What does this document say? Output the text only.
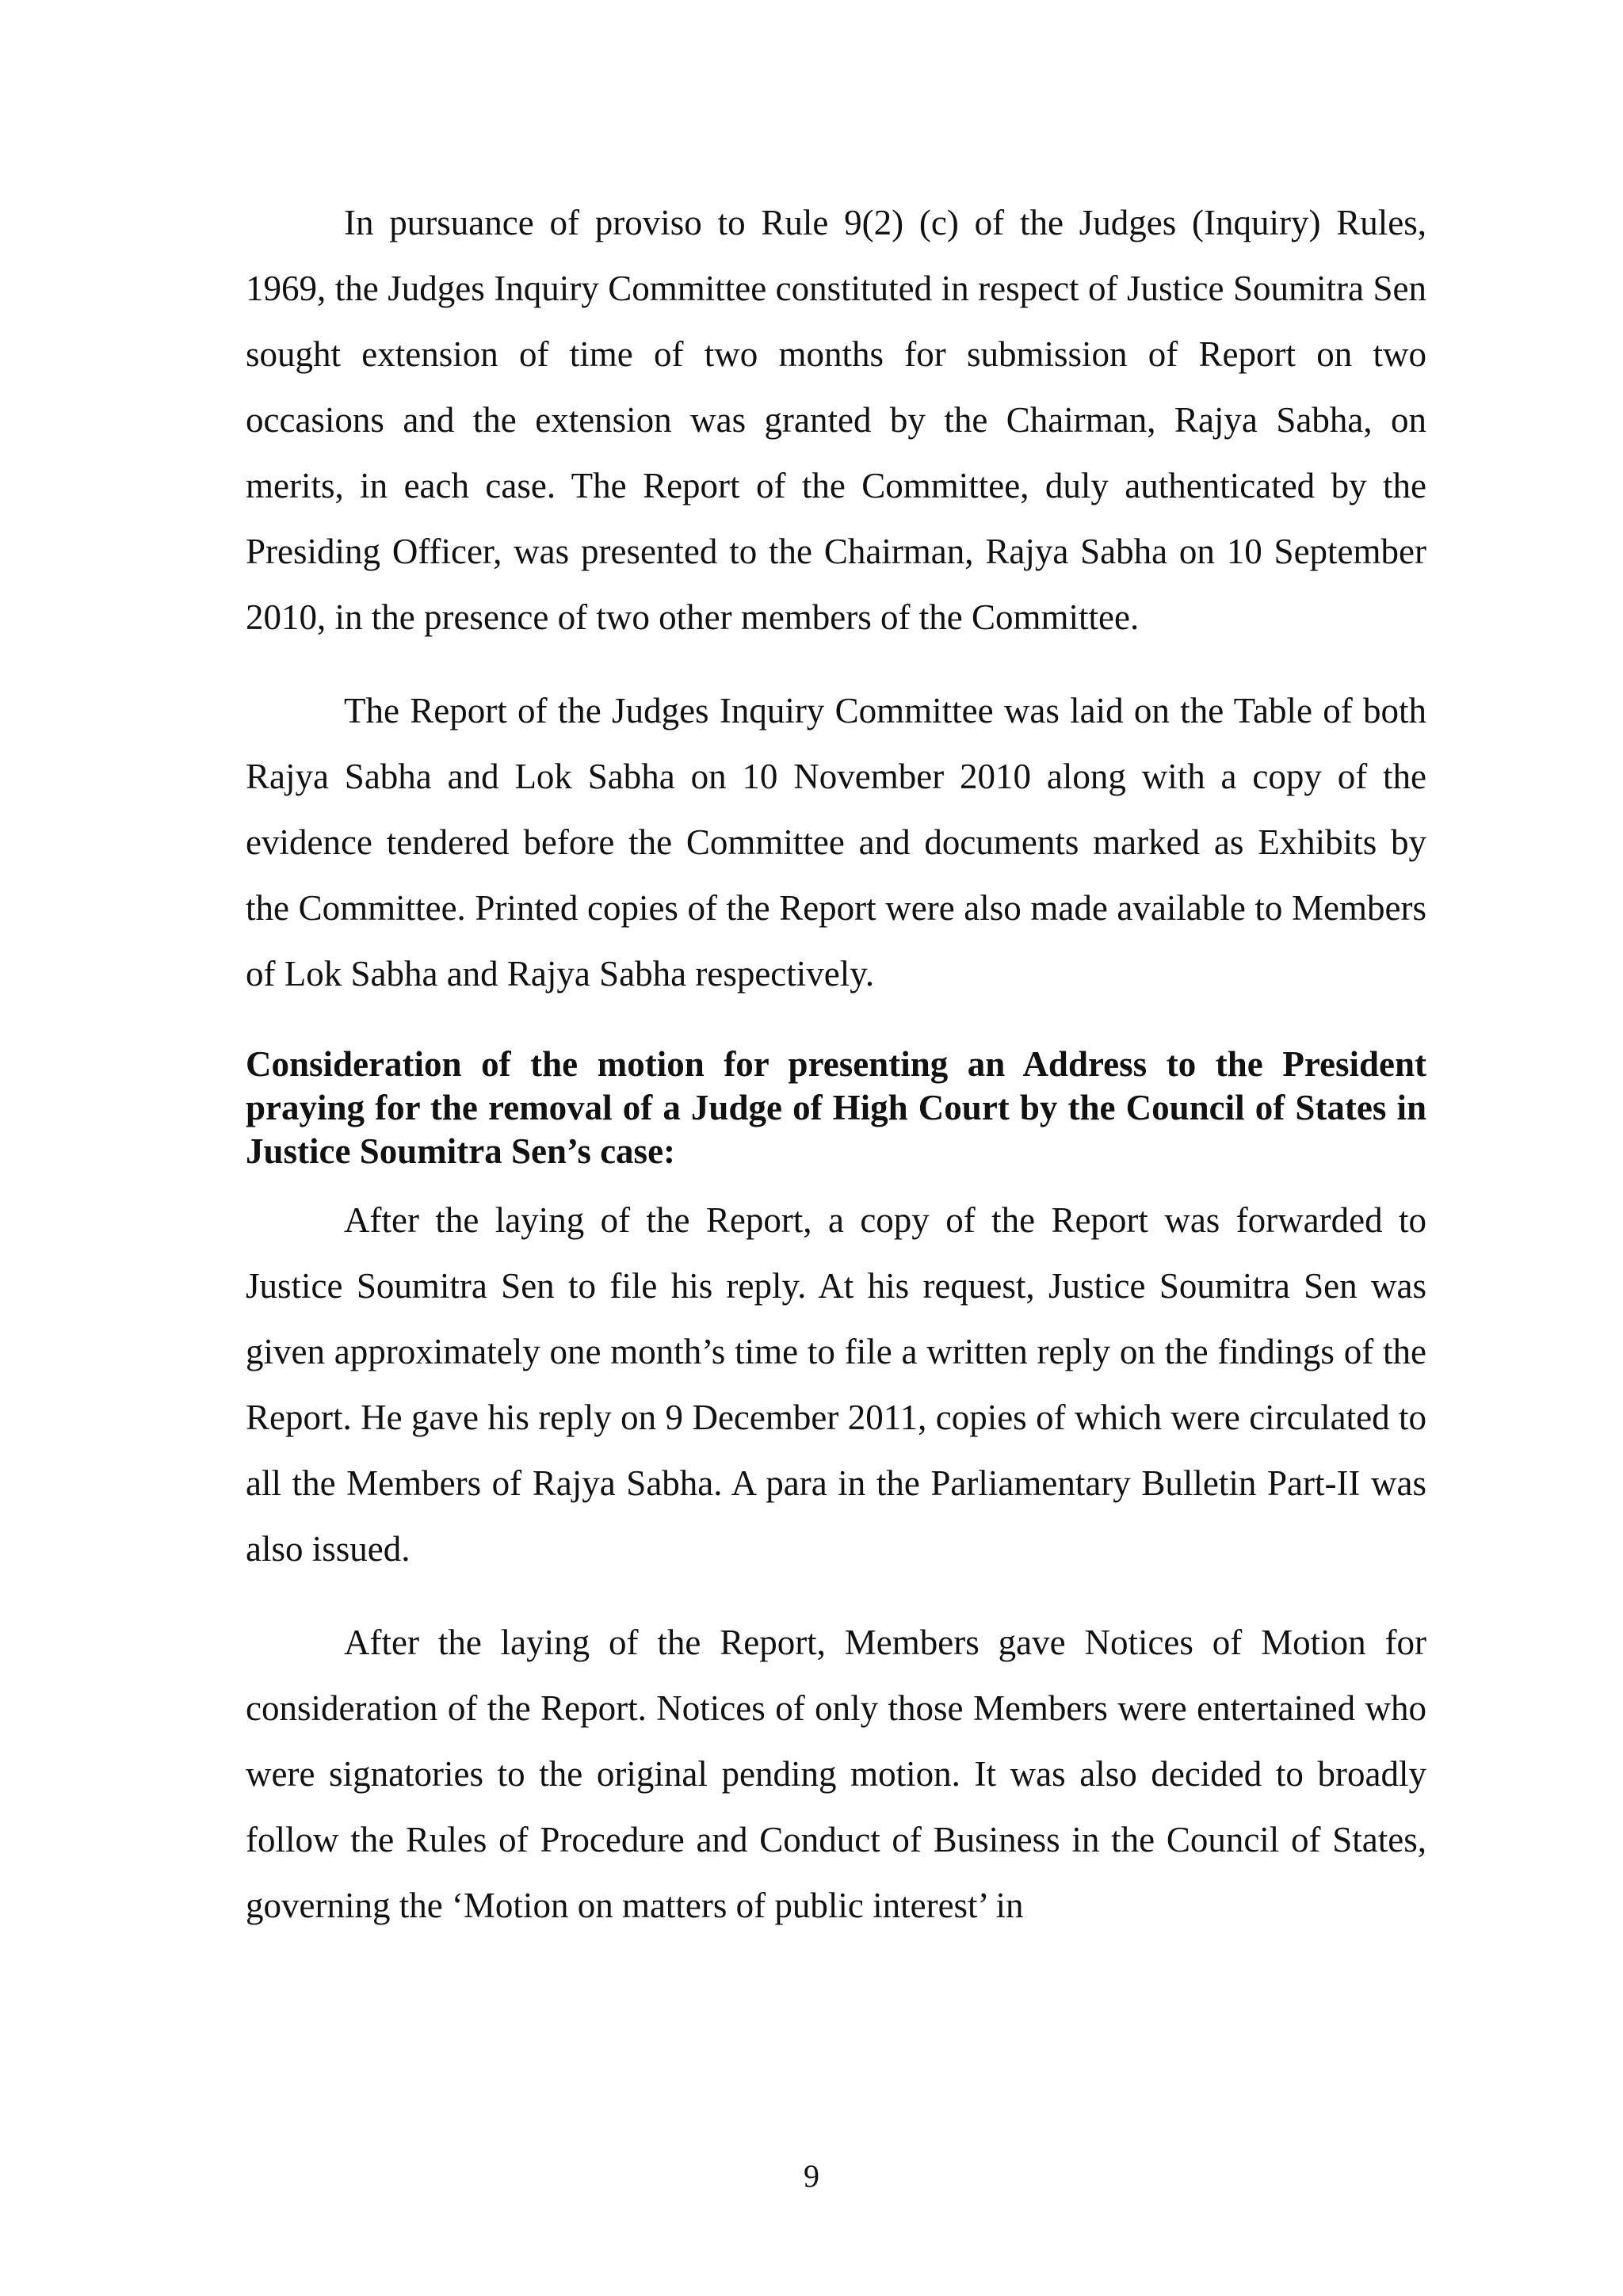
In pursuance of proviso to Rule 9(2) (c) of the Judges (Inquiry) Rules, 1969, the Judges Inquiry Committee constituted in respect of Justice Soumitra Sen sought extension of time of two months for submission of Report on two occasions and the extension was granted by the Chairman, Rajya Sabha, on merits, in each case. The Report of the Committee, duly authenticated by the Presiding Officer, was presented to the Chairman, Rajya Sabha on 10 September 2010, in the presence of two other members of the Committee.

The Report of the Judges Inquiry Committee was laid on the Table of both Rajya Sabha and Lok Sabha on 10 November 2010 along with a copy of the evidence tendered before the Committee and documents marked as Exhibits by the Committee. Printed copies of the Report were also made available to Members of Lok Sabha and Rajya Sabha respectively.

Consideration of the motion for presenting an Address to the President praying for the removal of a Judge of High Court by the Council of States in Justice Soumitra Sen’s case:

After the laying of the Report, a copy of the Report was forwarded to Justice Soumitra Sen to file his reply. At his request, Justice Soumitra Sen was given approximately one month’s time to file a written reply on the findings of the Report. He gave his reply on 9 December 2011, copies of which were circulated to all the Members of Rajya Sabha. A para in the Parliamentary Bulletin Part-II was also issued.

After the laying of the Report, Members gave Notices of Motion for consideration of the Report. Notices of only those Members were entertained who were signatories to the original pending motion. It was also decided to broadly follow the Rules of Procedure and Conduct of Business in the Council of States, governing the ‘Motion on matters of public interest’ in

9
